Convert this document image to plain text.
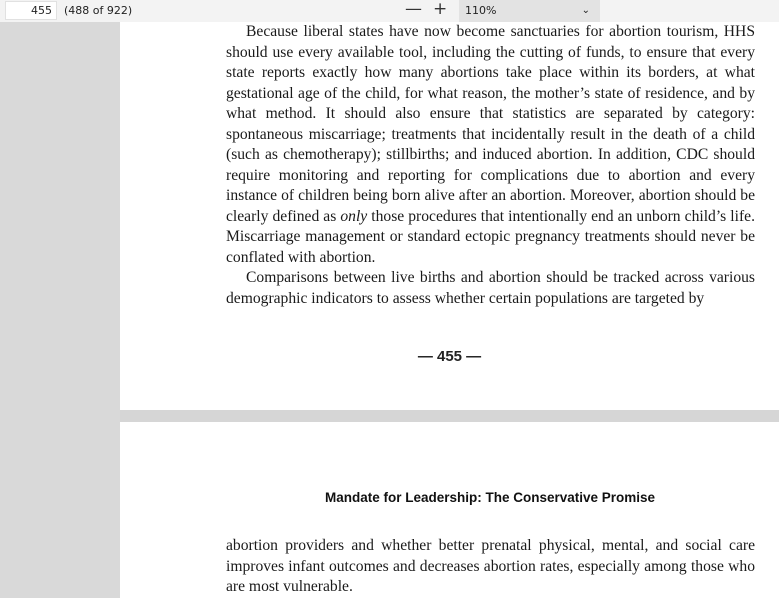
455	(488 of 922)	— +	110%	⌄

Because liberal states have now become sanctuaries for abortion tourism, HHS should use every available tool, including the cutting of funds, to ensure that every state reports exactly how many abortions take place within its borders, at what gestational age of the child, for what reason, the mother’s state of residence, and by what method. It should also ensure that statistics are separated by category: spontaneous miscarriage; treatments that incidentally result in the death of a child (such as chemotherapy); stillbirths; and induced abortion. In addition, CDC should require monitoring and reporting for complications due to abortion and every instance of children being born alive after an abortion. Moreover, abortion should be clearly defined as only those procedures that intentionally end an unborn child’s life. Miscarriage management or standard ectopic pregnancy treatments should never be conflated with abortion.

Comparisons between live births and abortion should be tracked across various demographic indicators to assess whether certain populations are targeted by

— 455 —
Mandate for Leadership: The Conservative Promise

abortion providers and whether better prenatal physical, mental, and social care improves infant outcomes and decreases abortion rates, especially among those who are most vulnerable.
